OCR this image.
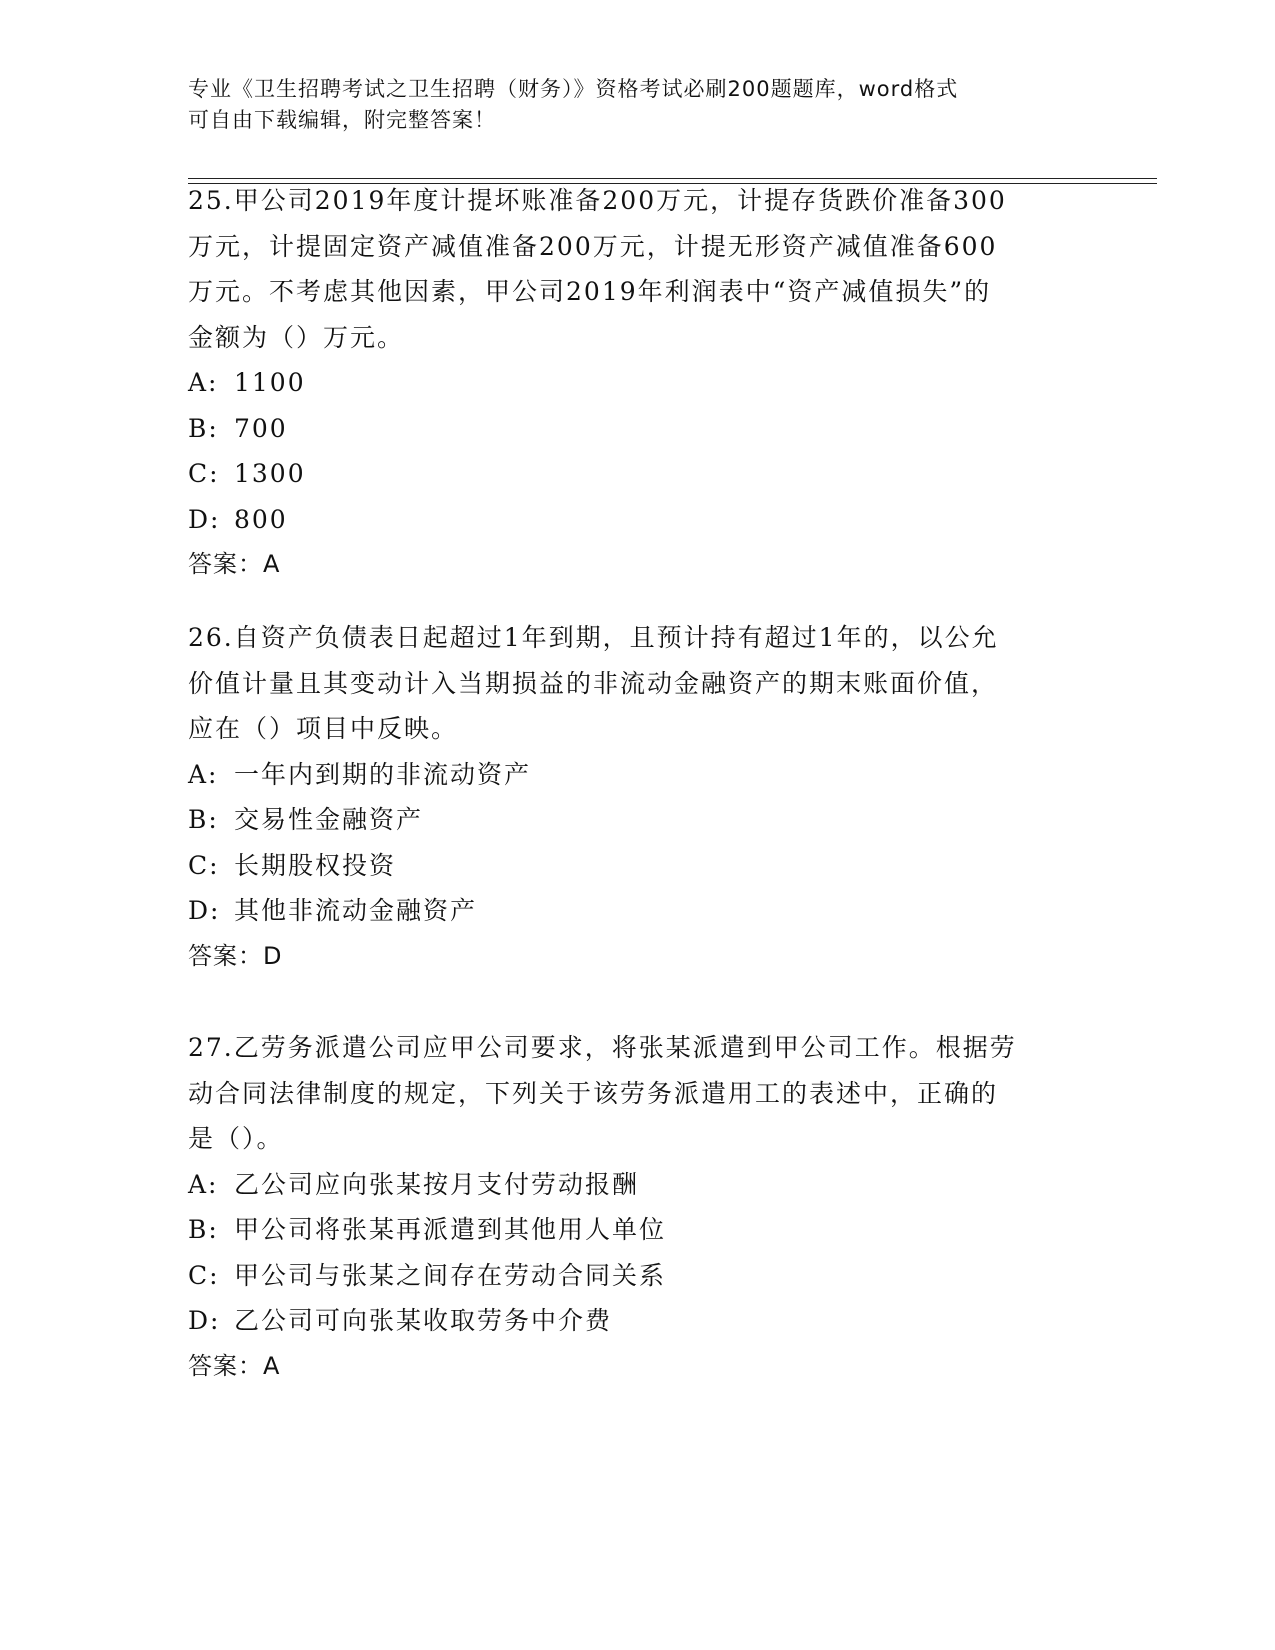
专业《卫生招聘考试之卫生招聘（财务）》资格考试必刷200题题库，word格式
可自由下载编辑，附完整答案！
25.甲公司2019年度计提坏账准备200万元，计提存货跌价准备300
万元，计提固定资产减值准备200万元，计提无形资产减值准备600
万元。不考虑其他因素，甲公司2019年利润表中“资产减值损失”的
金额为（）万元。
A: 1100
B: 700
C: 1300
D: 800
答案：A
26.自资产负债表日起超过1年到期，且预计持有超过1年的，以公允
价值计量且其变动计入当期损益的非流动金融资产的期末账面价值，
应在（）项目中反映。
A: 一年内到期的非流动资产
B: 交易性金融资产
C: 长期股权投资
D: 其他非流动金融资产
答案：D
27.乙劳务派遣公司应甲公司要求，将张某派遣到甲公司工作。根据劳
动合同法律制度的规定，下列关于该劳务派遣用工的表述中，正确的
是（）。
A: 乙公司应向张某按月支付劳动报酬
B: 甲公司将张某再派遣到其他用人单位
C: 甲公司与张某之间存在劳动合同关系
D: 乙公司可向张某收取劳务中介费
答案：A
